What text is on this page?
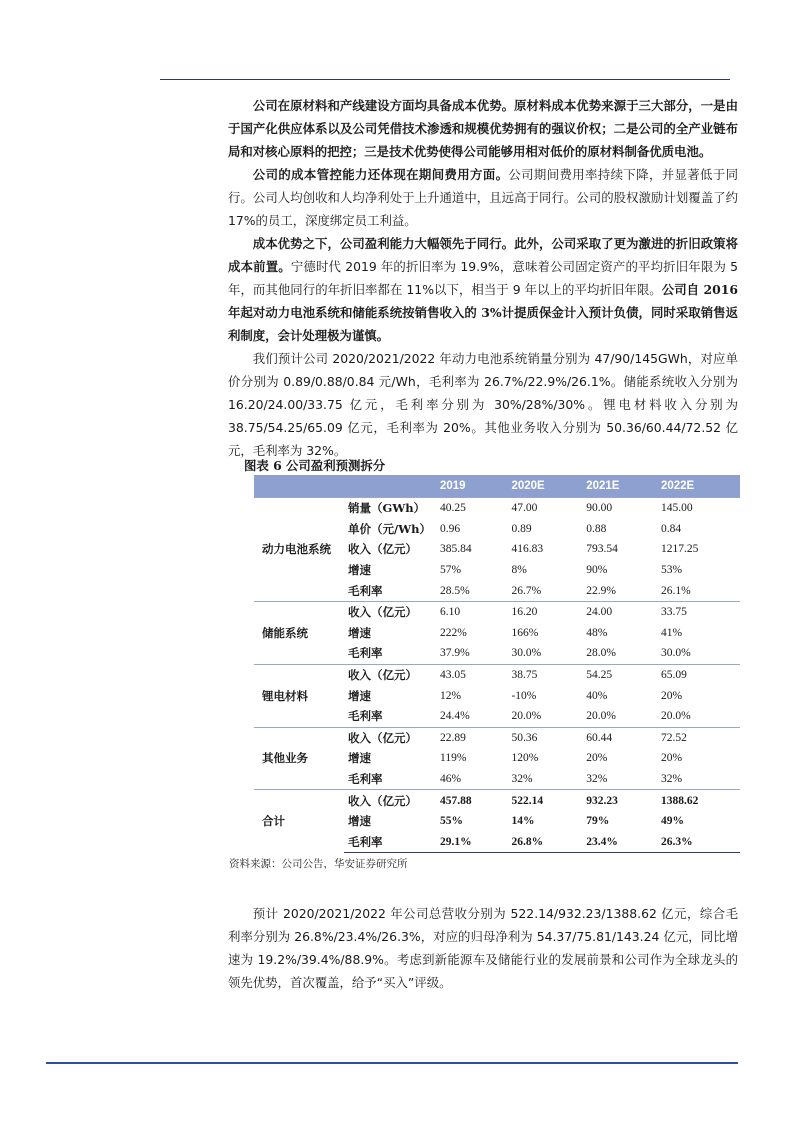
公司在原材料和产线建设方面均具备成本优势。原材料成本优势来源于三大部分，一是由于国产化供应体系以及公司凭借技术渗透和规模优势拥有的强议价权；二是公司的全产业链布局和对核心原料的把控；三是技术优势使得公司能够用相对低价的原材料制备优质电池。

公司的成本管控能力还体现在期间费用方面。公司期间费用率持续下降，并显著低于同行。公司人均创收和人均净利处于上升通道中，且远高于同行。公司的股权激励计划覆盖了约 17%的员工，深度绑定员工利益。

成本优势之下，公司盈利能力大幅领先于同行。此外，公司采取了更为激进的折旧政策将成本前置。宁德时代 2019 年的折旧率为 19.9%，意味着公司固定资产的平均折旧年限为 5 年，而其他同行的年折旧率都在 11%以下，相当于 9 年以上的平均折旧年限。公司自 2016 年起对动力电池系统和储能系统按销售收入的 3%计提质保金计入预计负债，同时采取销售返利制度，会计处理极为谨慎。

我们预计公司 2020/2021/2022 年动力电池系统销量分别为 47/90/145GWh，对应单价分别为 0.89/0.88/0.84 元/Wh，毛利率为 26.7%/22.9%/26.1%。储能系统收入分别为 16.20/24.00/33.75 亿元，毛利率分别为 30%/28%/30%。锂电材料收入分别为 38.75/54.25/65.09 亿元，毛利率为 20%。其他业务收入分别为 50.36/60.44/72.52 亿元，毛利率为 32%。

图表 6 公司盈利预测拆分
		2019	2020E	2021E	2022E
动力电池系统	销量（GWh）	40.25	47.00	90.00	145.00
	单价（元/Wh）	0.96	0.89	0.88	0.84
	收入（亿元）	385.84	416.83	793.54	1217.25
	增速	57%	8%	90%	53%
	毛利率	28.5%	26.7%	22.9%	26.1%
储能系统	收入（亿元）	6.10	16.20	24.00	33.75
	增速	222%	166%	48%	41%
	毛利率	37.9%	30.0%	28.0%	30.0%
锂电材料	收入（亿元）	43.05	38.75	54.25	65.09
	增速	12%	-10%	40%	20%
	毛利率	24.4%	20.0%	20.0%	20.0%
其他业务	收入（亿元）	22.89	50.36	60.44	72.52
	增速	119%	120%	20%	20%
	毛利率	46%	32%	32%	32%
合计	收入（亿元）	457.88	522.14	932.23	1388.62
	增速	55%	14%	79%	49%
	毛利率	29.1%	26.8%	23.4%	26.3%
资料来源：公司公告，华安证券研究所

预计 2020/2021/2022 年公司总营收分别为 522.14/932.23/1388.62 亿元，综合毛利率分别为 26.8%/23.4%/26.3%，对应的归母净利为 54.37/75.81/143.24 亿元，同比增速为 19.2%/39.4%/88.9%。考虑到新能源车及储能行业的发展前景和公司作为全球龙头的领先优势，首次覆盖，给予“买入”评级。
